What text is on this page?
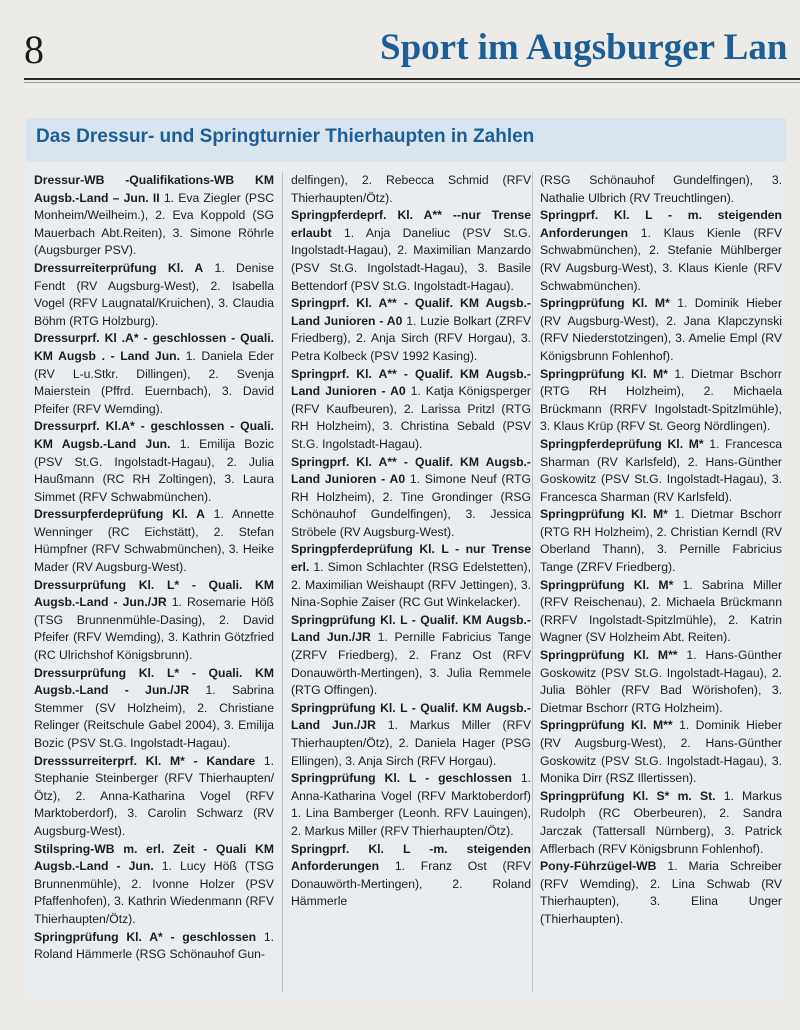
8	Sport im Augsburger Lan
Das Dressur- und Springturnier Thierhaupten in Zahlen

Dressur-WB -Qualifikations-WB KM Augsb.-Land – Jun. II 1. Eva Ziegler (PSC Monheim/Weilheim.), 2. Eva Koppold (SG Mauerbach Abt.Reiten), 3. Simone Röhrle (Augsburger PSV).

Dressurreiterprüfung Kl. A 1. Denise Fendt (RV Augsburg-West), 2. Isabella Vogel (RFV Laugnatal/Kruichen), 3. Claudia Böhm (RTG Holzburg).

Dressurprf. Kl .A* - geschlossen - Quali. KM Augsb . - Land Jun. 1. Daniela Eder (RV L-u.Stkr. Dillingen), 2. Svenja Maierstein (Pffrd. Euernbach), 3. David Pfeifer (RFV Wemding).

Dressurprf. Kl.A* - geschlossen - Quali. KM Augsb.-Land Jun. 1. Emilija Bozic (PSV St.G. Ingolstadt-Hagau), 2. Julia Haußmann (RC RH Zoltingen), 3. Laura Simmet (RFV Schwabmünchen).

Dressurpferdeprüfung Kl. A 1. Annette Wenninger (RC Eichstätt), 2. Stefan Hümpfner (RFV Schwabmünchen), 3. Heike Mader (RV Augsburg-West).

Dressurprüfung Kl. L* - Quali. KM Augsb.-Land - Jun./JR 1. Rosemarie Höß (TSG Brunnenmühle-Dasing), 2. David Pfeifer (RFV Wemding), 3. Kathrin Götzfried (RC Ulrichshof Königsbrunn).

Dressurprüfung Kl. L* - Quali. KM Augsb.-Land - Jun./JR 1. Sabrina Stemmer (SV Holzheim), 2. Christiane Relinger (Reitschule Gabel 2004), 3. Emilija Bozic (PSV St.G. Ingolstadt-Hagau).

Dresssurreiterprf. Kl. M* - Kandare 1. Stephanie Steinberger (RFV Thierhaupten/Ötz), 2. Anna-Katharina Vogel (RFV Marktoberdorf), 3. Carolin Schwarz (RV Augsburg-West).

Stilspring-WB m. erl. Zeit - Quali KM Augsb.-Land - Jun. 1. Lucy Höß (TSG Brunnenmühle), 2. Ivonne Holzer (PSV Pfaffenhofen), 3. Kathrin Wiedenmann (RFV Thierhaupten/Ötz).

Springprüfung Kl. A* - geschlossen 1. Roland Hämmerle (RSG Schönauhof Gun-

delfingen), 2. Rebecca Schmid (RFV Thierhaupten/Ötz).

Springpferdeprf. Kl. A** --nur Trense erlaubt 1. Anja Daneliuc (PSV St.G. Ingolstadt-Hagau), 2. Maximilian Manzardo (PSV St.G. Ingolstadt-Hagau), 3. Basile Bettendorf (PSV St.G. Ingolstadt-Hagau).

Springprf. Kl. A** - Qualif. KM Augsb.-Land Junioren - A0 1. Luzie Bolkart (ZRFV Friedberg), 2. Anja Sirch (RFV Horgau), 3. Petra Kolbeck (PSV 1992 Kasing).

Springprf. Kl. A** - Qualif. KM Augsb.-Land Junioren - A0 1. Katja Königsperger (RFV Kaufbeuren), 2. Larissa Pritzl (RTG RH Holzheim), 3. Christina Sebald (PSV St.G. Ingolstadt-Hagau).

Springprf. Kl. A** - Qualif. KM Augsb.-Land Junioren - A0 1. Simone Neuf (RTG RH Holzheim), 2. Tine Grondinger (RSG Schönauhof Gundelfingen), 3. Jessica Ströbele (RV Augsburg-West).

Springpferdeprüfung Kl. L - nur Trense erl. 1. Simon Schlachter (RSG Edelstetten), 2. Maximilian Weishaupt (RFV Jettingen), 3. Nina-Sophie Zaiser (RC Gut Winkelacker).

Springprüfung Kl. L - Qualif. KM Augsb.-Land Jun./JR 1. Pernille Fabricius Tange (ZRFV Friedberg), 2. Franz Ost (RFV Donauwörth-Mertingen), 3. Julia Remmele (RTG Offingen).

Springprüfung Kl. L - Qualif. KM Augsb.-Land Jun./JR 1. Markus Miller (RFV Thierhaupten/Ötz), 2. Daniela Hager (PSG Ellingen), 3. Anja Sirch (RFV Horgau).

Springprüfung Kl. L - geschlossen 1. Anna-Katharina Vogel (RFV Marktoberdorf) 1. Lina Bamberger (Leonh. RFV Lauingen), 2. Markus Miller (RFV Thierhaupten/Ötz).

Springprf. Kl. L -m. steigenden Anforderungen 1. Franz Ost (RFV Donauwörth-Mertingen), 2. Roland Hämmerle

(RSG Schönauhof Gundelfingen), 3. Nathalie Ulbrich (RV Treuchtlingen).

Springprf. Kl. L - m. steigenden Anforderungen 1. Klaus Kienle (RFV Schwabmünchen), 2. Stefanie Mühlberger (RV Augsburg-West), 3. Klaus Kienle (RFV Schwabmünchen).

Springprüfung Kl. M* 1. Dominik Hieber (RV Augsburg-West), 2. Jana Klapczynski (RFV Niederstotzingen), 3. Amelie Empl (RV Königsbrunn Fohlenhof).

Springprüfung Kl. M* 1. Dietmar Bschorr (RTG RH Holzheim), 2. Michaela Brückmann (RRFV Ingolstadt-Spitzlmühle), 3. Klaus Krüp (RFV St. Georg Nördlingen).

Springpferdeprüfung Kl. M* 1. Francesca Sharman (RV Karlsfeld), 2. Hans-Günther Goskowitz (PSV St.G. Ingolstadt-Hagau), 3. Francesca Sharman (RV Karlsfeld).

Springprüfung Kl. M* 1. Dietmar Bschorr (RTG RH Holzheim), 2. Christian Kerndl (RV Oberland Thann), 3. Pernille Fabricius Tange (ZRFV Friedberg).

Springprüfung Kl. M* 1. Sabrina Miller (RFV Reischenau), 2. Michaela Brückmann (RRFV Ingolstadt-Spitzlmühle), 2. Katrin Wagner (SV Holzheim Abt. Reiten).

Springprüfung Kl. M** 1. Hans-Günther Goskowitz (PSV St.G. Ingolstadt-Hagau), 2. Julia Böhler (RFV Bad Wörishofen), 3. Dietmar Bschorr (RTG Holzheim).

Springprüfung Kl. M** 1. Dominik Hieber (RV Augsburg-West), 2. Hans-Günther Goskowitz (PSV St.G. Ingolstadt-Hagau), 3. Monika Dirr (RSZ Illertissen).

Springprüfung Kl. S* m. St. 1. Markus Rudolph (RC Oberbeuren), 2. Sandra Jarczak (Tattersall Nürnberg), 3. Patrick Afflerbach (RFV Königsbrunn Fohlenhof).

Pony-Führzügel-WB 1. Maria Schreiber (RFV Wemding), 2. Lina Schwab (RV Thierhaupten), 3. Elina Unger (Thierhaupten).
